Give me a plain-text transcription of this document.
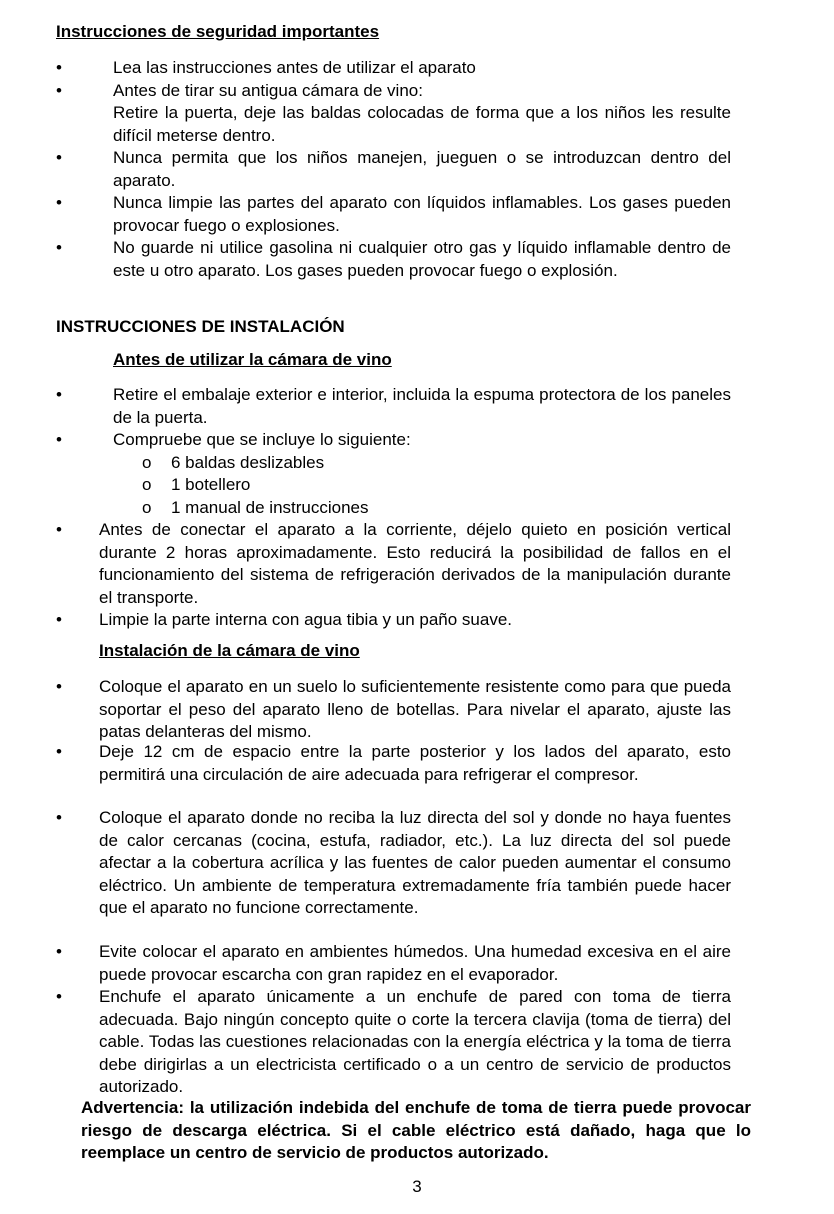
Instrucciones de seguridad importantes
•	Lea las instrucciones antes de utilizar el aparato
•	Antes de tirar su antigua cámara de vino:
Retire la puerta, deje las baldas colocadas de forma que a los niños les resulte difícil meterse dentro.
•	Nunca permita que los niños manejen, jueguen o se introduzcan dentro del aparato.
•	Nunca limpie las partes del aparato con líquidos inflamables. Los gases pueden provocar fuego o explosiones.
•	No guarde ni utilice gasolina ni cualquier otro gas y líquido inflamable dentro de este u otro aparato. Los gases pueden provocar fuego o explosión.
INSTRUCCIONES DE INSTALACIÓN
Antes de utilizar la cámara de vino
•	Retire el embalaje exterior e interior, incluida la espuma protectora de los paneles de la puerta.
•	Compruebe que se incluye lo siguiente:
o 6 baldas deslizables
o 1 botellero
o 1 manual de instrucciones
• Antes de conectar el aparato a la corriente, déjelo quieto en posición vertical durante 2 horas aproximadamente. Esto reducirá la posibilidad de fallos en el funcionamiento del sistema de refrigeración derivados de la manipulación durante el transporte.
• Limpie la parte interna con agua tibia y un paño suave.
Instalación de la cámara de vino
• Coloque el aparato en un suelo lo suficientemente resistente como para que pueda soportar el peso del aparato lleno de botellas. Para nivelar el aparato, ajuste las patas delanteras del mismo.
• Deje 12 cm de espacio entre la parte posterior y los lados del aparato, esto permitirá una circulación de aire adecuada para refrigerar el compresor.
• Coloque el aparato donde no reciba la luz directa del sol y donde no haya fuentes de calor cercanas (cocina, estufa, radiador, etc.). La luz directa del sol puede afectar a la cobertura acrílica y las fuentes de calor pueden aumentar el consumo eléctrico. Un ambiente de temperatura extremadamente fría también puede hacer que el aparato no funcione correctamente.
• Evite colocar el aparato en ambientes húmedos. Una humedad excesiva en el aire puede provocar escarcha con gran rapidez en el evaporador.
• Enchufe el aparato únicamente a un enchufe de pared con toma de tierra adecuada. Bajo ningún concepto quite o corte la tercera clavija (toma de tierra) del cable. Todas las cuestiones relacionadas con la energía eléctrica y la toma de tierra debe dirigirlas a un electricista certificado o a un centro de servicio de productos autorizado.
Advertencia: la utilización indebida del enchufe de toma de tierra puede provocar riesgo de descarga eléctrica. Si el cable eléctrico está dañado, haga que lo reemplace un centro de servicio de productos autorizado.
3
